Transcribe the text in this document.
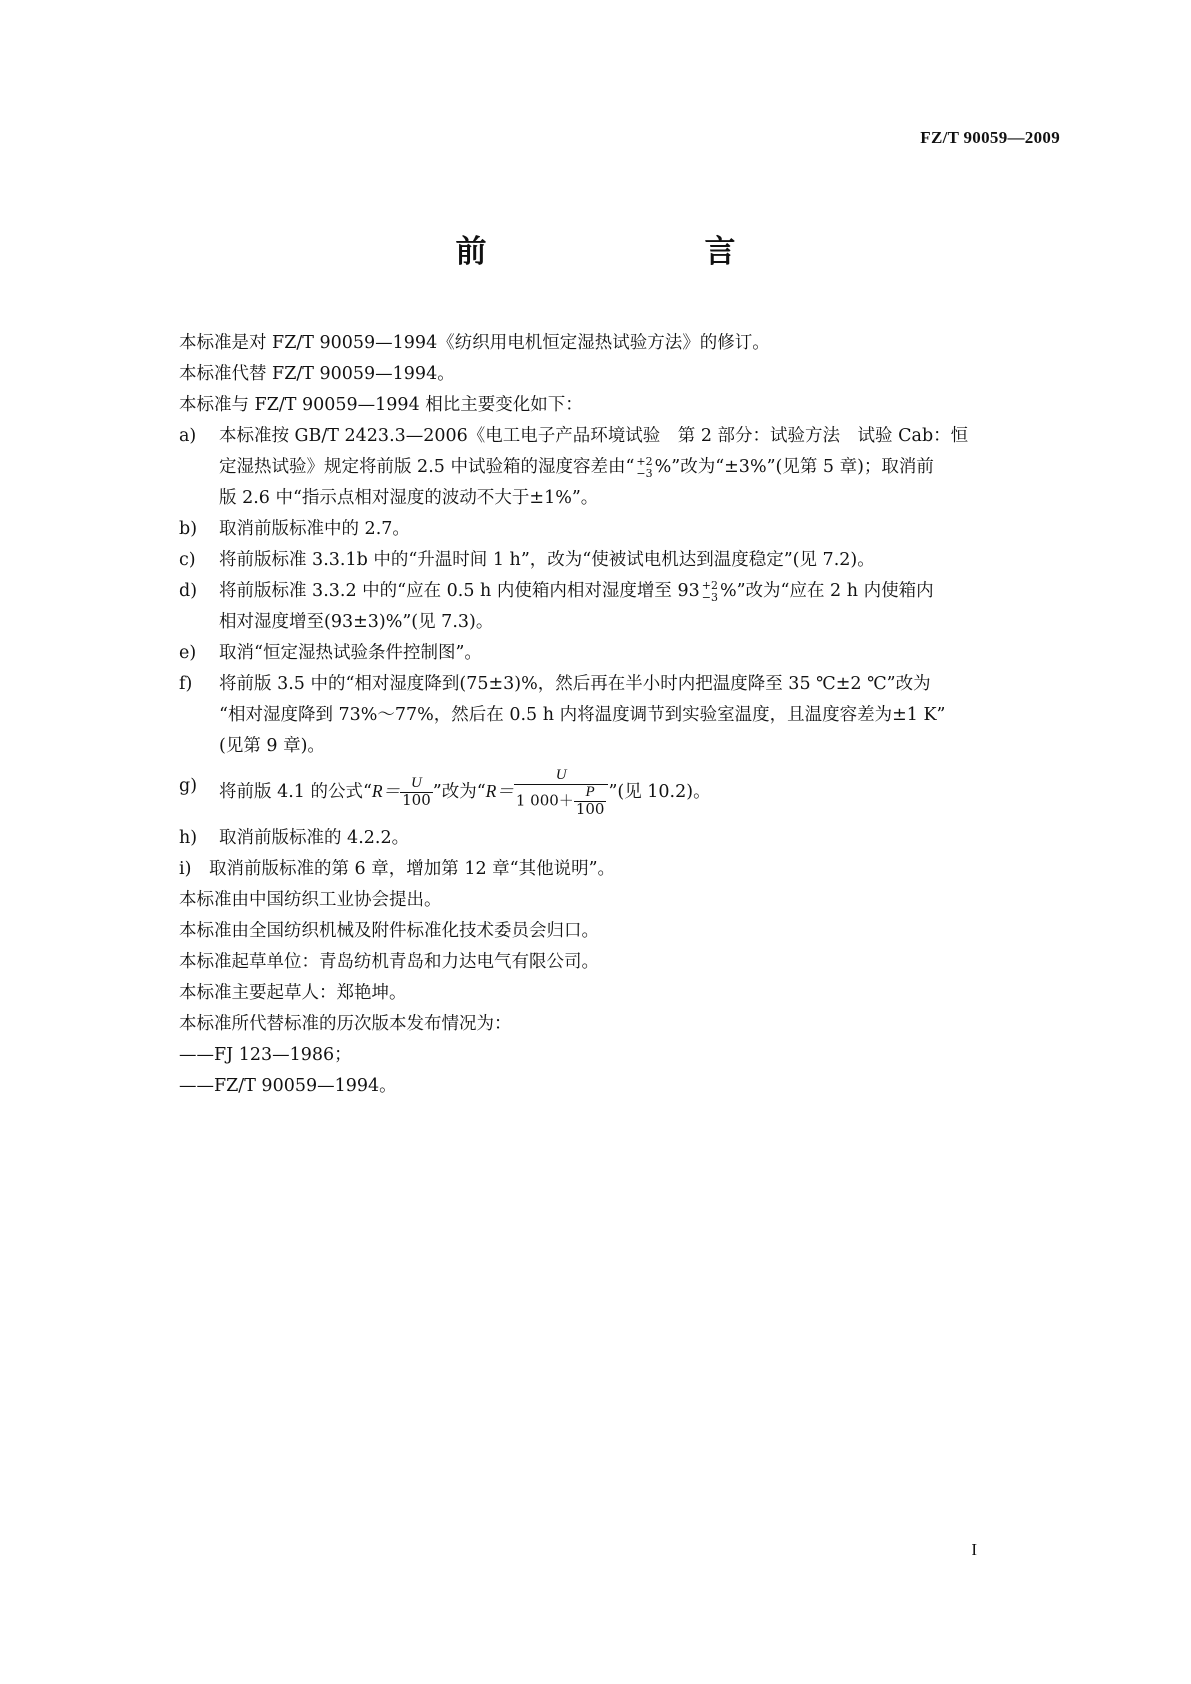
FZ/T 90059—2009
前　　言
本标准是对 FZ/T 90059—1994《纺织用电机恒定湿热试验方法》的修订。
本标准代替 FZ/T 90059—1994。
本标准与 FZ/T 90059—1994 相比主要变化如下：
a)	本标准按 GB/T 2423.3—2006《电工电子产品环境试验　第 2 部分：试验方法　试验 Cab：恒
定湿热试验》规定将前版 2.5 中试验箱的湿度容差由“ +2
−3 %”改为“±3%”(见第 5 章)；取消前
版 2.6 中“指示点相对湿度的波动不大于±1%”。
b)	取消前版标准中的 2.7。
c)	将前版标准 3.3.1b 中的“升温时间 1 h”，改为“使被试电机达到温度稳定”(见 7.2)。
d)	将前版标准 3.3.2 中的“应在 0.5 h 内使箱内相对湿度增至 93 +2
−3 %”改为“应在 2 h 内使箱内
相对湿度增至(93±3)%”(见 7.3)。
e)	取消“恒定湿热试验条件控制图”。
f)	将前版 3.5 中的“相对湿度降到(75±3)%，然后再在半小时内把温度降至 35 ℃±2 ℃”改为
“相对湿度降到 73%～77%，然后在 0.5 h 内将温度调节到实验室温度，且温度容差为±1 K”
(见第 9 章)。
g)	将前版 4.1 的公式“$R= \frac{U}{100}$ ”改为“$R= \frac{U}{1 000+ \frac{P}{100}}$ ”(见 10.2)。
h)	取消前版标准的 4.2.2。
i)	取消前版标准的第 6 章，增加第 12 章“其他说明”。
本标准由中国纺织工业协会提出。
本标准由全国纺织机械及附件标准化技术委员会归口。
本标准起草单位：青岛纺机青岛和力达电气有限公司。
本标准主要起草人：郑艳坤。
本标准所代替标准的历次版本发布情况为：
——FJ 123—1986；
——FZ/T 90059—1994。
I
